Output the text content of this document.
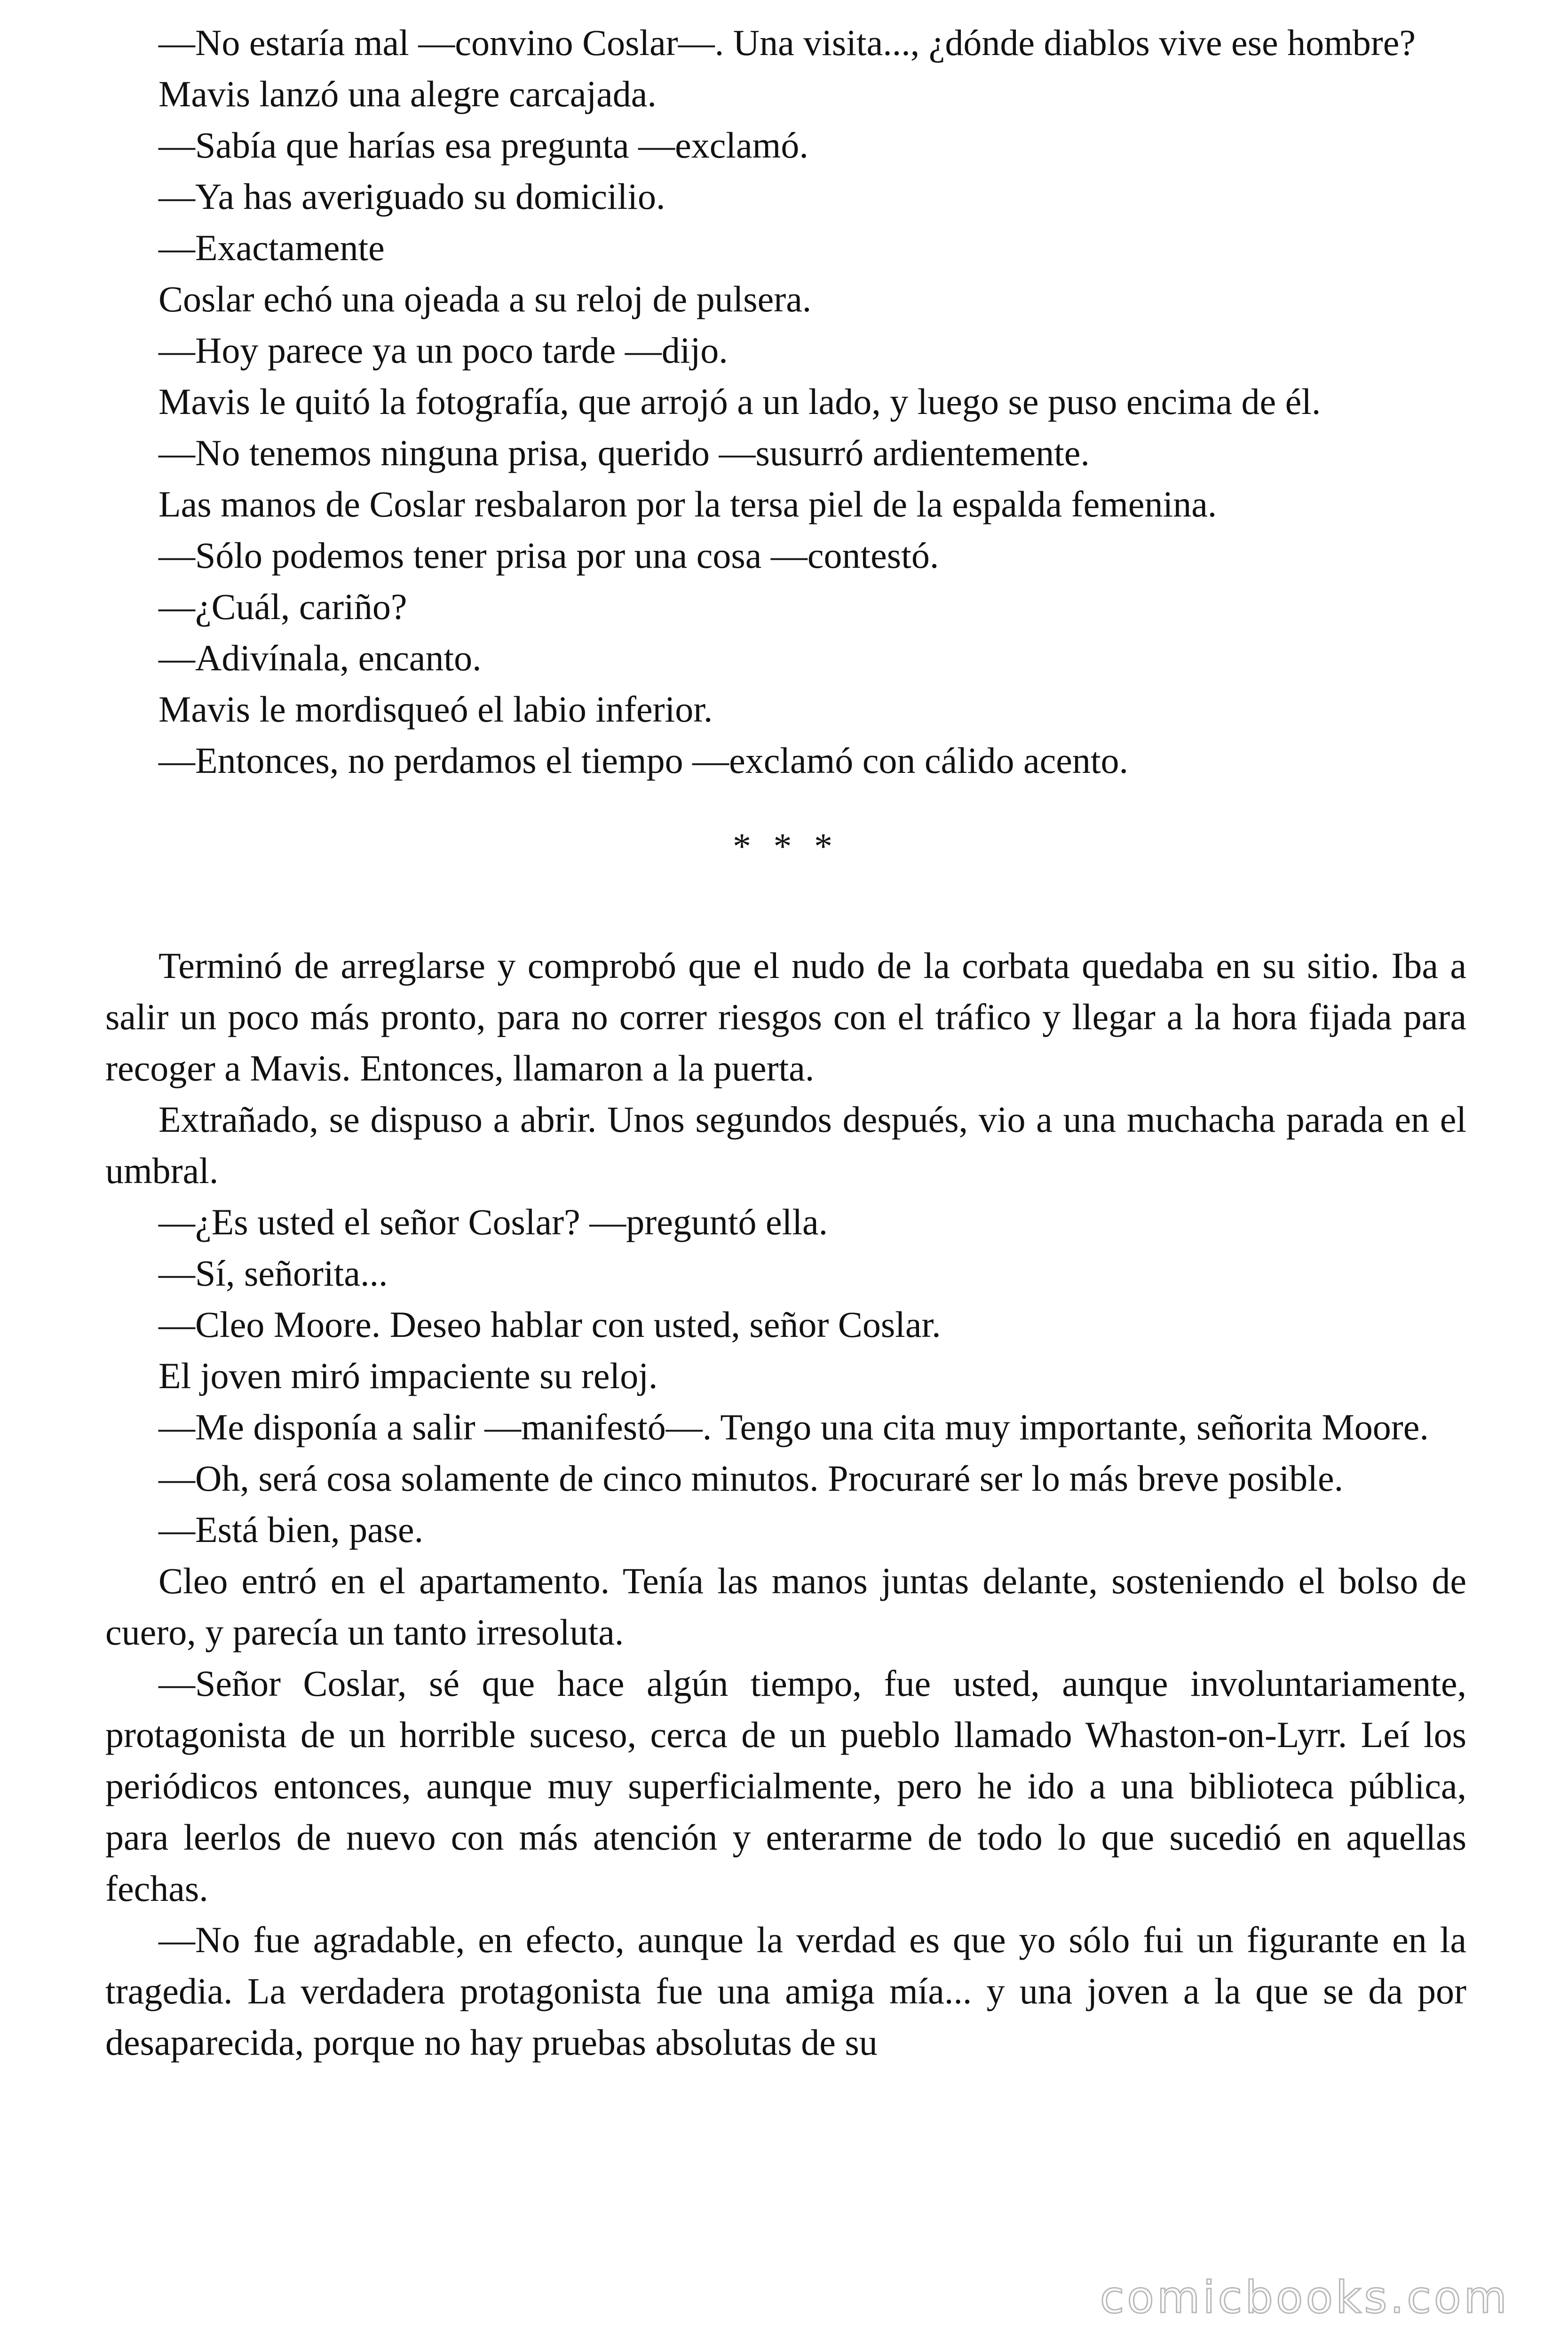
—No estaría mal —convino Coslar—. Una visita..., ¿dónde diablos vive ese hombre?

Mavis lanzó una alegre carcajada.

—Sabía que harías esa pregunta —exclamó.

—Ya has averiguado su domicilio.

—Exactamente

Coslar echó una ojeada a su reloj de pulsera.

—Hoy parece ya un poco tarde —dijo.

Mavis le quitó la fotografía, que arrojó a un lado, y luego se puso encima de él.

—No tenemos ninguna prisa, querido —susurró ardientemente.

Las manos de Coslar resbalaron por la tersa piel de la espalda femenina.

—Sólo podemos tener prisa por una cosa —contestó.

—¿Cuál, cariño?

—Adivínala, encanto.

Mavis le mordisqueó el labio inferior.

—Entonces, no perdamos el tiempo —exclamó con cálido acento.

* * *

Terminó de arreglarse y comprobó que el nudo de la corbata quedaba en su sitio. Iba a salir un poco más pronto, para no correr riesgos con el tráfico y llegar a la hora fijada para recoger a Mavis. Entonces, llamaron a la puerta.

Extrañado, se dispuso a abrir. Unos segundos después, vio a una muchacha parada en el umbral.

—¿Es usted el señor Coslar? —preguntó ella.

—Sí, señorita...

—Cleo Moore. Deseo hablar con usted, señor Coslar.

El joven miró impaciente su reloj.

—Me disponía a salir —manifestó—. Tengo una cita muy importante, señorita Moore.

—Oh, será cosa solamente de cinco minutos. Procuraré ser lo más breve posible.

—Está bien, pase.

Cleo entró en el apartamento. Tenía las manos juntas delante, sosteniendo el bolso de cuero, y parecía un tanto irresoluta.

—Señor Coslar, sé que hace algún tiempo, fue usted, aunque involuntariamente, protagonista de un horrible suceso, cerca de un pueblo llamado Whaston-on-Lyrr. Leí los periódicos entonces, aunque muy superficialmente, pero he ido a una biblioteca pública, para leerlos de nuevo con más atención y enterarme de todo lo que sucedió en aquellas fechas.

—No fue agradable, en efecto, aunque la verdad es que yo sólo fui un figurante en la tragedia. La verdadera protagonista fue una amiga mía... y una joven a la que se da por desaparecida, porque no hay pruebas absolutas de su

comicbooks.com
